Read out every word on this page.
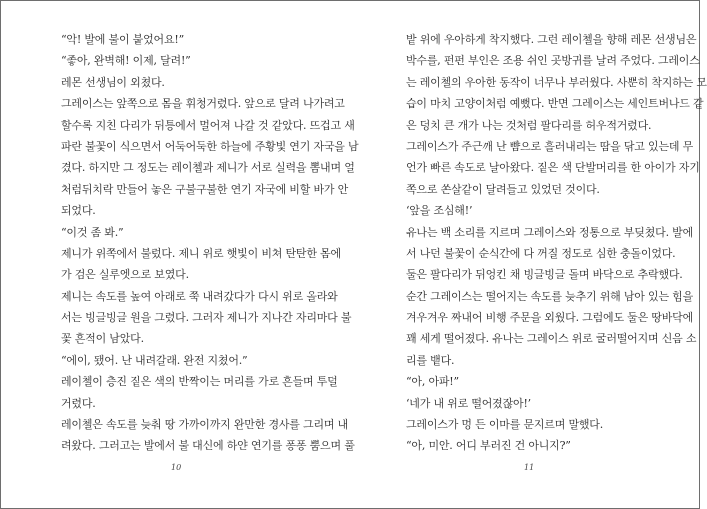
“악! 발에 불이 붙었어요!”
“좋아, 완벽해! 이제, 달려!”
레몬 선생님이 외쳤다.
그레이스는 앞쪽으로 몸을 휘청거렸다. 앞으로 달려 나가려고
할수록 지친 다리가 뒤틍에서 멀어져 나갈 것 같았다. 뜨겁고 새
파란 불꽃이 식으면서 어둑어둑한 하늘에 주황빛 연기 자국을 남
겼다. 하지만 그 정도는 레이첼과 제니가 서로 실력을 뽐내며 얼
처럼뒤치락 만들어 놓은 구불구불한 연기 자국에 비할 바가 안
되었다.
“이것 좀 봐.”
제니가 위쪽에서 불렀다. 제니 위로 햇빛이 비쳐 탄탄한 몸에
가 검은 실루엣으로 보였다.
제니는 속도를 높여 아래로 쭉 내려갔다가 다시 위로 올라와
서는 빙글빙글 원을 그렸다. 그러자 제니가 지나간 자리마다 불
꽃 흔적이 남았다.
“에이, 됐어. 난 내려갈래. 완전 지쳤어.”
레이첼이 층진 짙은 색의 반짝이는 머리를 가로 흔들며 투덜
거렸다.
레이첼은 속도를 늦춰 땅 가까이까지 완만한 경사를 그리며 내
려왔다. 그러고는 발에서 불 대신에 하얀 연기를 퐁퐁 뿜으며 풀
밭 위에 우아하게 착지했다. 그런 레이첼을 향해 레몬 선생님은
박수를, 펀펀 부인은 조용 쉬인 곳방귀를 날려 주었다. 그레이스
는 레이첼의 우아한 동작이 너무나 부러웠다. 사뿐히 착지하는 모
습이 마치 고양이처럼 예뻤다. 반면 그레이스는 세인트버나드 같
은 덩치 큰 개가 나는 것처럼 팔다리를 허우적거렸다.
그레이스가 주근깨 난 뺨으로 흘러내리는 땀을 닦고 있는데 무
언가 빠른 속도로 날아왔다. 짙은 색 단발머리를 한 아이가 자기
쪽으로 쏜살같이 달려들고 있었던 것이다.
‘앞을 조심해!’
유나는 백 소리를 지르며 그레이스와 정통으로 부딪쳤다. 발에
서 나던 불꽃이 순식간에 다 꺼질 정도로 심한 충돌이었다.
둘은 팔다리가 뒤엉킨 채 빙글빙글 돌며 바닥으로 추락했다.
순간 그레이스는 떨어지는 속도를 늦추기 위해 남아 있는 힘을
겨우겨우 짜내어 비행 주문을 외웠다. 그럼에도 둘은 땅바닥에
꽤 세게 떨어졌다. 유나는 그레이스 위로 굴러떨어지며 신음 소
리를 뱉다.
“아, 아파!”
‘네가 내 위로 떨어졌잖아!’
그레이스가 멍 든 이마를 문지르며 말했다.
“아, 미안. 어디 부러진 건 아니지?”
10	11
